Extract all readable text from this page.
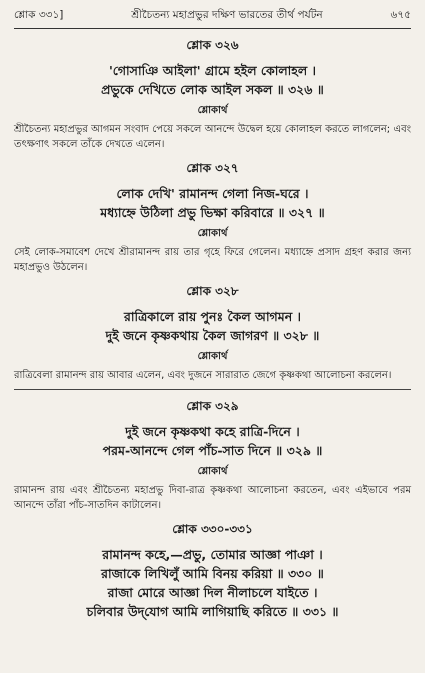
শ্লোক ৩৩১]	শ্রীচৈতন্য মহাপ্রভুর দক্ষিণ ভারতের তীর্থ পর্যটন	৬৭৫
শ্লোক ৩২৬
'গোসাঞি আইলা' গ্রামে হইল কোলাহল ।
প্রভুকে দেখিতে লোক আইল সকল ॥ ৩২৬ ॥
শ্লোকার্থ
শ্রীচৈতন্য মহাপ্রভুর আগমন সংবাদ পেয়ে সকলে আনন্দে উদ্বেল হয়ে কোলাহল করতে লাগলেন; এবং তৎক্ষণাৎ সকলে তাঁকে দেখতে এলেন।
শ্লোক ৩২৭
লোক দেখি' রামানন্দ গেলা নিজ-ঘরে ।
মধ্যাহ্নে উঠিলা প্রভু ভিক্ষা করিবারে ॥ ৩২৭ ॥
শ্লোকার্থ
সেই লোক-সমাবেশ দেখে শ্রীরামানন্দ রায় তার গৃহে ফিরে গেলেন। মধ্যাহ্নে প্রসাদ গ্রহণ করার জন্য মহাপ্রভুও উঠলেন।
শ্লোক ৩২৮
রাত্রিকালে রায় পুনঃ কৈল আগমন ।
দুই জনে কৃষ্ণকথায় কৈল জাগরণ ॥ ৩২৮ ॥
শ্লোকার্থ
রাত্রিবেলা রামানন্দ রায় আবার এলেন, এবং দুজনে সারারাত জেগে কৃষ্ণকথা আলোচনা করলেন।
শ্লোক ৩২৯
দুই জনে কৃষ্ণকথা কহে রাত্রি-দিনে ।
পরম-আনন্দে গেল পাঁচ-সাত দিনে ॥ ৩২৯ ॥
শ্লোকার্থ
রামানন্দ রায় এবং শ্রীচৈতন্য মহাপ্রভু দিবা-রাত্র কৃষ্ণকথা আলোচনা করতেন, এবং এইভাবে পরম আনন্দে তাঁরা পাঁচ-সাতদিন কাটালেন।
শ্লোক ৩৩০-৩৩১
রামানন্দ কহে,—প্রভু, তোমার আজ্ঞা পাঞা ।
রাজাকে লিখিলুঁ আমি বিনয় করিয়া ॥ ৩৩০ ॥
রাজা মোরে আজ্ঞা দিল নীলাচলে যাইতে ।
চলিবার উদ্‌যোগ আমি লাগিয়াছি করিতে ॥ ৩৩১ ॥
